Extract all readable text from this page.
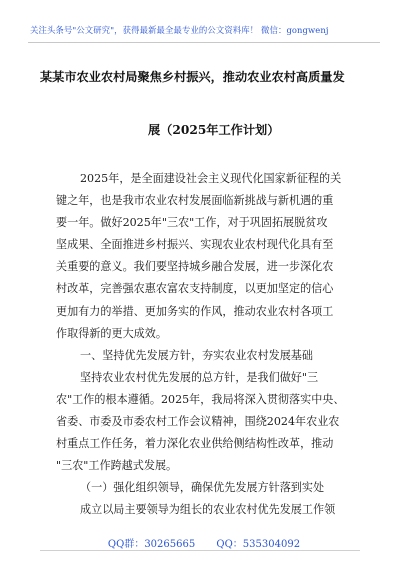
关注头条号"公文研究"，获得最新最全最专业的公文资料库！ 微信：gongwenj
某某市农业农村局聚焦乡村振兴，推动农业农村高质量发
展（2025年工作计划）
2025年，是全面建设社会主义现代化国家新征程的关
键之年，也是我市农业农村发展面临新挑战与新机遇的重
要一年。做好2025年"三农"工作，对于巩固拓展脱贫攻
坚成果、全面推进乡村振兴、实现农业农村现代化具有至
关重要的意义。我们要坚持城乡融合发展，进一步深化农
村改革，完善强农惠农富农支持制度，以更加坚定的信心
更加有力的举措、更加务实的作风，推动农业农村各项工
作取得新的更大成效。
一、坚持优先发展方针，夯实农业农村发展基础
坚持农业农村优先发展的总方针，是我们做好"三
农"工作的根本遵循。2025年，我局将深入贯彻落实中央、
省委、市委及市委农村工作会议精神，围绕2024年农业农
村重点工作任务，着力深化农业供给侧结构性改革，推动
"三农"工作跨越式发展。
（一）强化组织领导，确保优先发展方针落到实处
成立以局主要领导为组长的农业农村优先发展工作领
QQ群：30265665 QQ：535304092
